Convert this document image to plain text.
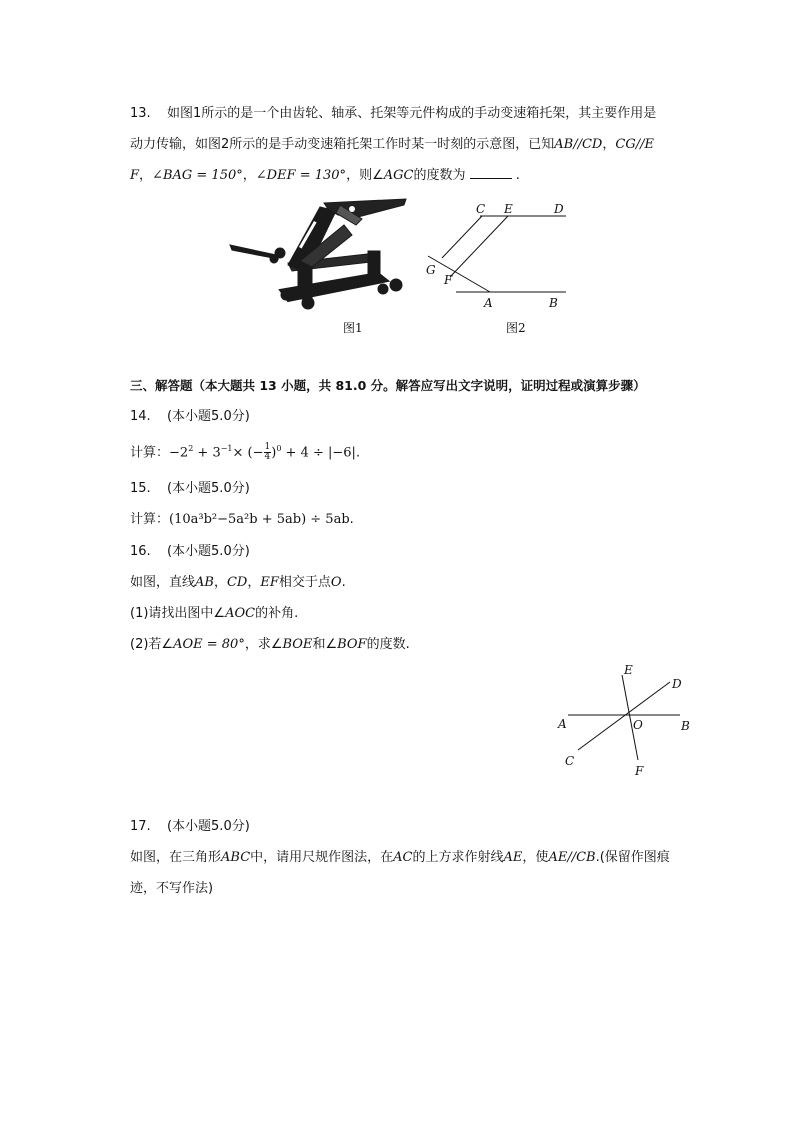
13. 如图1所示的是一个由齿轮、轴承、托架等元件构成的手动变速箱托架，其主要作用是
动力传输，如图2所示的是手动变速箱托架工作时某一时刻的示意图，已知AB//CD，CG//E
F，∠BAG = 150°，∠DEF = 130°，则∠AGC的度数为	.
图1
C E	D
G
F
A	B
图2
三、解答题（本大题共 13 小题，共 81.0 分。解答应写出文字说明，证明过程或演算步骤）
14. (本小题5.0分)
计算：$-2^2 + 3^{-1}\times$ (− $\frac{1}{4} )^0 + 4 \div |-6|$.
15. (本小题5.0分)
计算：(10a³b²−5a²b + 5ab) ÷ 5ab.
16. (本小题5.0分)
如图，直线AB，CD，EF相交于点O.
(1)请找出图中∠AOC的补角.
(2)若∠AOE = 80°，求∠BOE和∠BOF的度数.
E
D
A	O	B
C
F
17. (本小题5.0分)
如图，在三角形ABC中，请用尺规作图法，在AC的上方求作射线AE，使AE//CB.(保留作图痕
迹，不写作法)
